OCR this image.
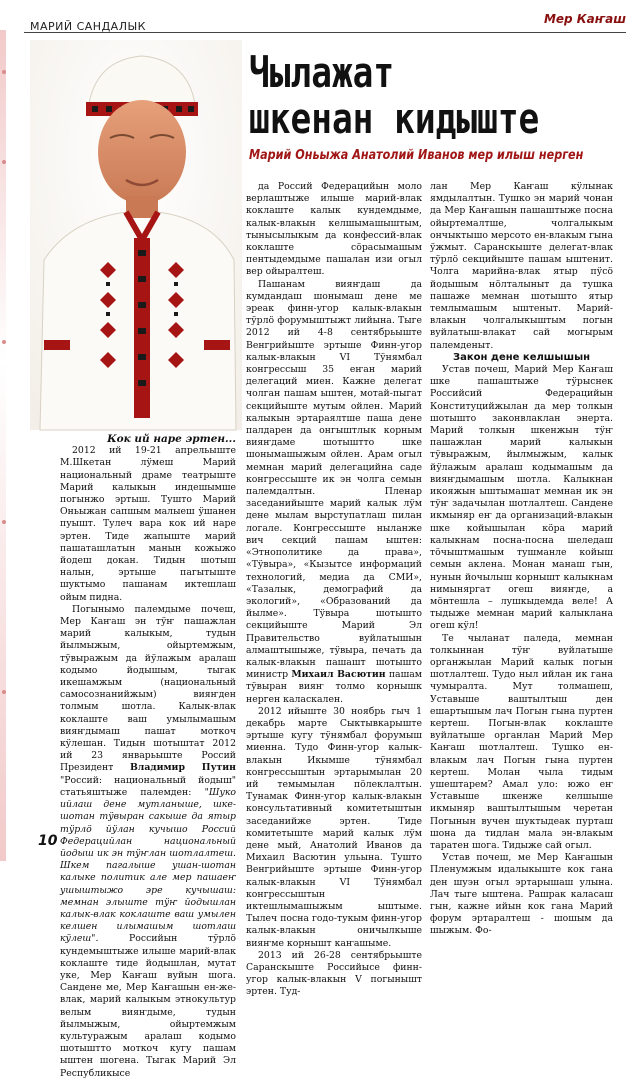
МАРИЙ САНДАЛЫК
Мер Каҥаш
Чылажат
шкенан кидыште
Марий Оньыжа Анатолий Иванов мер илыш нерген

Кок ий наре эртен...

2012 ий 19-21 апрельыште М.Шкетан лӱмеш Марий национальный драме театрыште Марий калыкын индешымше погынжо эртыш. Тушто Марий Оньыжан сапшым малыеш ӱшанен пуышт. Тулеч вара кок ий наре эртен. Тиде жапыште марий пашаташлатын манын кожыжо йодеш докан. Тидын шотыш налын, эртыше пагытыште шуктымо пашанам иктешлаш ойым пидна.

Погынымо палемдыме почеш, Мер Каҥаш эн тӱҥ пашажлан марий калыкым, тудын йылмыжым, ойыртемжым, тӱвыражым да йӱлажым аралаш кодымо йодышым, тыгак икешамжым (национальный самосознанийжым) вияҥден толмым шотла. Калык-влак коклаште ваш умылымашым вияҥдымаш пашат моткоч кӱлешан. Тидын шотыштат 2012 ий 23 январьыште Россий Президент Владимир Путин "Россий: национальный йодыш" статьяштыже палемден: "Шуко ийлаш дене мутланыше, шке-шотан тӱвыран сакыше да ятыр тӱрлӧ йӱлан кучышо Россий Федерацийлан национальный йодыш ик эн тӱҥлан шотлалтеш. Шкем пагалыше ушан-шотан калыке политик але мер пашаеҥ ушыштыжо эре кучышаш: мемнан элыште тӱҥ йодышлан калык-влак коклаште ваш умылен келшен илымашым шотлаш кӱлеш". Российын тӱрлӧ кундемыштыже илыше марий-влак коклаште тиде йодышлан, мутат уке, Мер Каҥаш вуйын шога. Сандене ме, Мер Каҥашын ен-же-влак, марий калыкым этнокультур велым вияҥдыме, тудын йылмыжым, ойыртемжым культуражым аралаш кодымо шотыштто моткоч кугу пашам ыштен шогена. Тыгак Марий Эл Республикысе

да Россий Федерацийын моло верлаштыже илыше марий-влак коклаште калык кундемдыме, калык-влакын келшымашыштым, тынысылыкым да конфессий-влак коклаште сӧрасымашым пентыдемдыме пашалан изи огыл вер ойыралтеш.

Пашанам вияҥдаш да кумдандаш шонымаш дене ме эреак финн-угор калык-влакын тӱрлӧ форумыштыжт лийына. Тыге 2012 ий 4-8 сентябрьыште Венгрийыште эртыше Финн-угор калык-влакын VI Тӱнямбал конгрессыш 35 еҥан марий делегаций миен. Кажне делегат чолган пашам ыштен, мотай-пыгат секцийыште мутым ойлен. Марий калыкын эртараялтше паша дене палдарен да онгыштлык корным вияҥдаме шотыштто шке шонымашыжым ойлен. Арам огыл мемнан марий делегацийна саде конгрессыште ик эн чолга семын палемдалтын. Пленар заседанийыште марий калык лӱм дене мылам вырступатлаш пилан логале. Конгрессыште ныланже вич секций пашам ыштен: «Этнополитике да права», «Тӱвыра», «Кызытсе информаций технологий, медиа да СМИ», «Тазалык, демографий да экологий», «Образований да йылме». Тӱвыра шотышто секцийыште Марий Эл Правительство вуйлатышын алмаштышыже, тӱвыра, печать да калык-влакын пашашт шотышто министр Михаил Васютин пашам тӱвыран вияҥ толмо корнышк нерген каласкален.

2012 ийыште 30 ноябрь гыч 1 декабрь марте Сыктывкарыште эртыше кугу тӱнямбал форумыш миенна. Тудо Финн-угор калык-влакын Икымше тӱнямбал конгрессыштын эртарымылан 20 ий темымылан пӧлеклалтын. Тунамак Финн-угор калык-влакын консультативный комитетыштын заседанийже эртен. Тиде комитетыште марий калык лӱм дене мый, Анатолий Иванов да Михаил Васютин ульына. Тушто Венгрийыште эртыше Финн-угор калык-влакын VI Тӱнямбал конгрессыштын иктешлымашыжым ыштыме. Тылеч посна годо-тукым финн-угор калык-влакын оничылкыше вияҥме корнышт каҥашыме.

2013 ий 26-28 сентябрьыште Саранскыште Российысе финн-угор калык-влакын V погынышт эртен. Туд-

лан Мер Каҥаш кӱлынак ямдылалтын. Тушко эн марий чонан да Мер Каҥашын пашаштыже посна ойыртемалтше, чолгалыкым ончыктышо мерсото ен-влакым гына ӱжмыт. Саранскыште делегат-влак тӱрлӧ секцийыште пашам ыштенит. Чолга марийна-влак ятыр пӱсӧ йодышым нӧлталыныт да тушка пашаже мемнан шотышто ятыр темлымашым ыштеныт. Марий-влакын чолгалыкыштым погын вуйлатыш-влакат сай могырым палемденыт.

Закон дене келшышын

Устав почеш, Марий Мер Каҥаш шке пашаштыже тӱрыснек Российсий Федерацийын Конституцийжылан да мер толкын шотышто законвлаклан энерта. Марий толкын шкенжын тӱҥ пашажлан марий калыкын тӱвыражым, йылмыжым, калык йӱлажым аралаш кодымашым да вияҥдымашым шотла. Калыкнан икояжын ыштымашат мемнан ик эн тӱҥ задачылан шотлалтеш. Сандене икмыняр еҥ да организаций-влакын шке койышылан кӧра марий калыкнам посна-посна шеледаш тӧчыштмашым тушманле койыш семын аклена. Монан манаш гын, нунын йочылыш корнышт калыкнам нимыняргат огеш вияҥде, а мӧнтешла – лушкыдемда веле! А тыдыже мемнан марий калыклана огеш кӱл!

Те чыланат паледа, мемнан толкыннан тӱҥ вуйлатыше органжылан Марий калык погын шотлалтеш. Тудо ныл ийлан ик гана чумыралта. Мут толмашеш, Уставыше ваштылтыш ден ешартышым лач Погын гына пуртен кертеш. Погын-влак коклаште вуйлатыше органлан Марий Мер Каҥаш шотлалтеш. Тушко ен-влакым лач Погын гына пуртен кертеш. Молан чыла тидым ушештарем? Амал уло: южо еҥ Уставыше шкенже келшыше икмыняр ваштылтышым черетан Погынын вучен шуктыдеак пурташ шона да тидлан мала эн-влакым таратен шога. Тидыже сай огыл.

Устав почеш, ме Мер Каҥашын Пленумжым идалыкыште кок гана ден шуэн огыл эртарышаш улына. Лач тыге ыштена. Рашрак каласаш гын, кажне ийын кок гана Марий форум эртаралтеш - шошым да шыжым. Фо-

10
